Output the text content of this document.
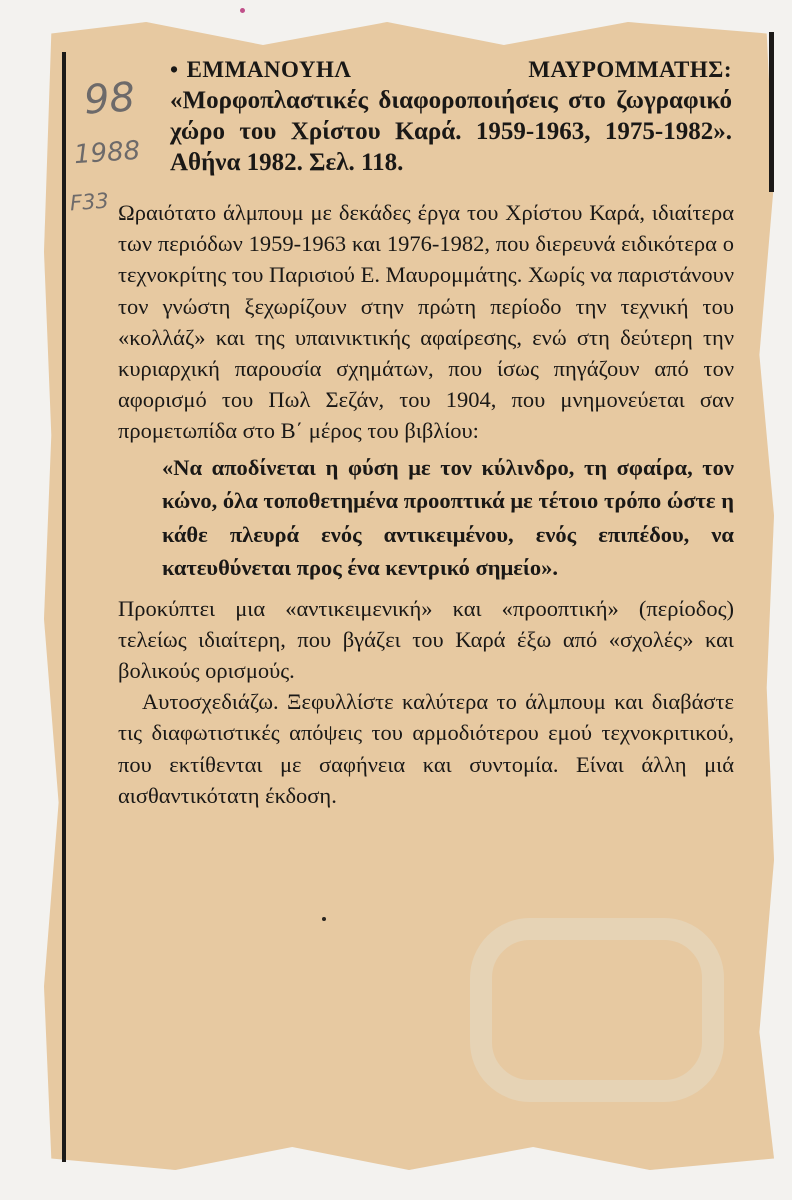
98
1988
F33
• ΕΜΜΑΝΟΥΗΛ	ΜΑΥΡΟΜΜΑΤΗΣ:
«Μορφοπλαστικές διαφοροποιήσεις στο ζωγραφικό χώρο του Χρίστου Καρά. 1959-1963, 1975-1982». Αθήνα 1982. Σελ. 118.

Ωραιότατο άλμπουμ με δεκάδες έργα του Χρίστου Καρά, ιδιαίτερα των περιόδων 1959-1963 και 1976-1982, που διερευνά ειδικότερα ο τεχνοκρίτης του Παρισιού Ε. Μαυρομμάτης. Χωρίς να παριστάνουν τον γνώστη ξεχωρίζουν στην πρώτη περίοδο την τεχνική του «κολλάζ» και της υπαινικτικής αφαίρεσης, ενώ στη δεύτερη την κυριαρχική παρουσία σχημάτων, που ίσως πηγάζουν από τον αφορισμό του Πωλ Σεζάν, του 1904, που μνημονεύεται σαν προμετωπίδα στο Β΄ μέρος του βιβλίου:

«Να αποδίνεται η φύση με τον κύλινδρο, τη σφαίρα, τον κώνο, όλα τοποθετημένα προοπτικά με τέτοιο τρόπο ώστε η κάθε πλευρά ενός αντικειμένου, ενός επιπέδου, να κατευθύνεται προς ένα κεντρικό σημείο».

Προκύπτει μια «αντικειμενική» και «προοπτική» (περίοδος) τελείως ιδιαίτερη, που βγάζει του Καρά έξω από «σχολές» και βολικούς ορισμούς.

Αυτοσχεδιάζω. Ξεφυλλίστε καλύτερα το άλμπουμ και διαβάστε τις διαφωτιστικές απόψεις του αρμοδιότερου εμού τεχνοκριτικού, που εκτίθενται με σαφήνεια και συντομία. Είναι άλλη μιά αισθαντικότατη έκδοση.
